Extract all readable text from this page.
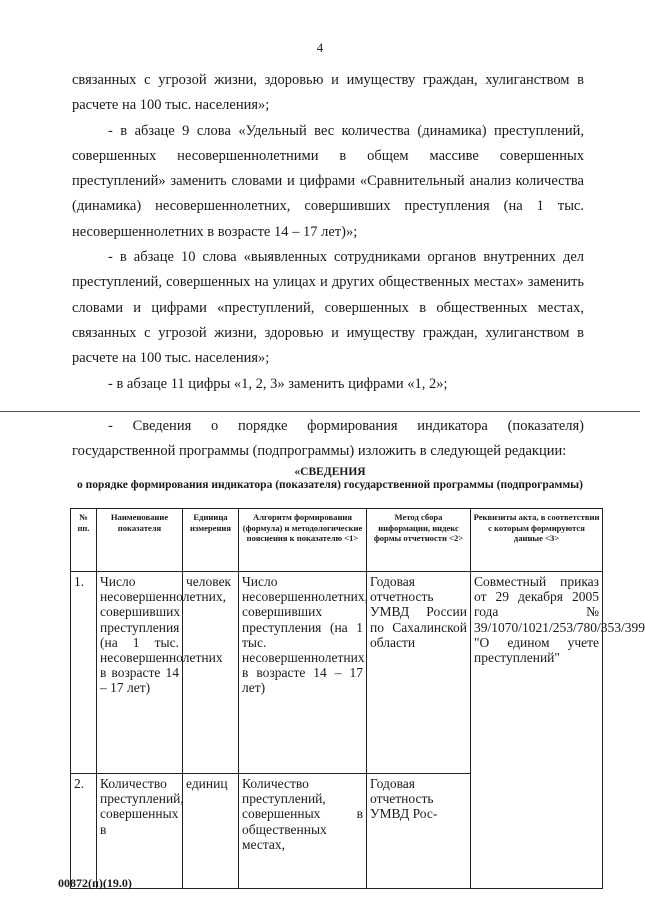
4

связанных с угрозой жизни, здоровью и имуществу граждан, хулиганством в расчете на 100 тыс. населения»;

- в абзаце 9 слова «Удельный вес количества (динамика) преступлений, совершенных несовершеннолетними в общем массиве совершенных преступлений» заменить словами и цифрами «Сравнительный анализ количества (динамика) несовершеннолетних, совершивших преступления (на 1 тыс. несовершеннолетних в возрасте 14 – 17 лет)»;

- в абзаце 10 слова «выявленных сотрудниками органов внутренних дел преступлений, совершенных на улицах и других общественных местах» заменить словами и цифрами «преступлений, совершенных в общественных местах, связанных с угрозой жизни, здоровью и имуществу граждан, хулиганством в расчете на 100 тыс. населения»;

- в абзаце 11 цифры «1, 2, 3» заменить цифрами «1, 2»;

- Сведения о порядке формирования индикатора (показателя) государственной программы (подпрограммы) изложить в следующей редакции:

«СВЕДЕНИЯ
о порядке формирования индикатора (показателя) государственной программы (подпрограммы)
№ пп.	Наименование показателя	Единица измерения	Алгоритм формирования (формула) и методологические пояснения к показателю <1>	Метод сбора информации, индекс формы отчетности <2>	Реквизиты акта, в соответствии с которым формируются данные <3>
1.	Число несовершеннолетних, совершивших преступления (на 1 тыс. несовершеннолетних в возрасте 14 – 17 лет)	человек	Число несовершеннолетних, совершивших преступления (на 1 тыс. несовершеннолетних в возрасте 14 – 17 лет)	Годовая отчетность УМВД России по Сахалинской области	Совместный приказ от 29 декабря 2005 года № 39/1070/1021/253/780/353/399 "О едином учете преступлений"
2.	Количество преступлений, совершенных в	единиц	Количество преступлений, совершенных в общественных местах,	Годовая отчетность УМВД Рос-	
00872(п)(19.0)
